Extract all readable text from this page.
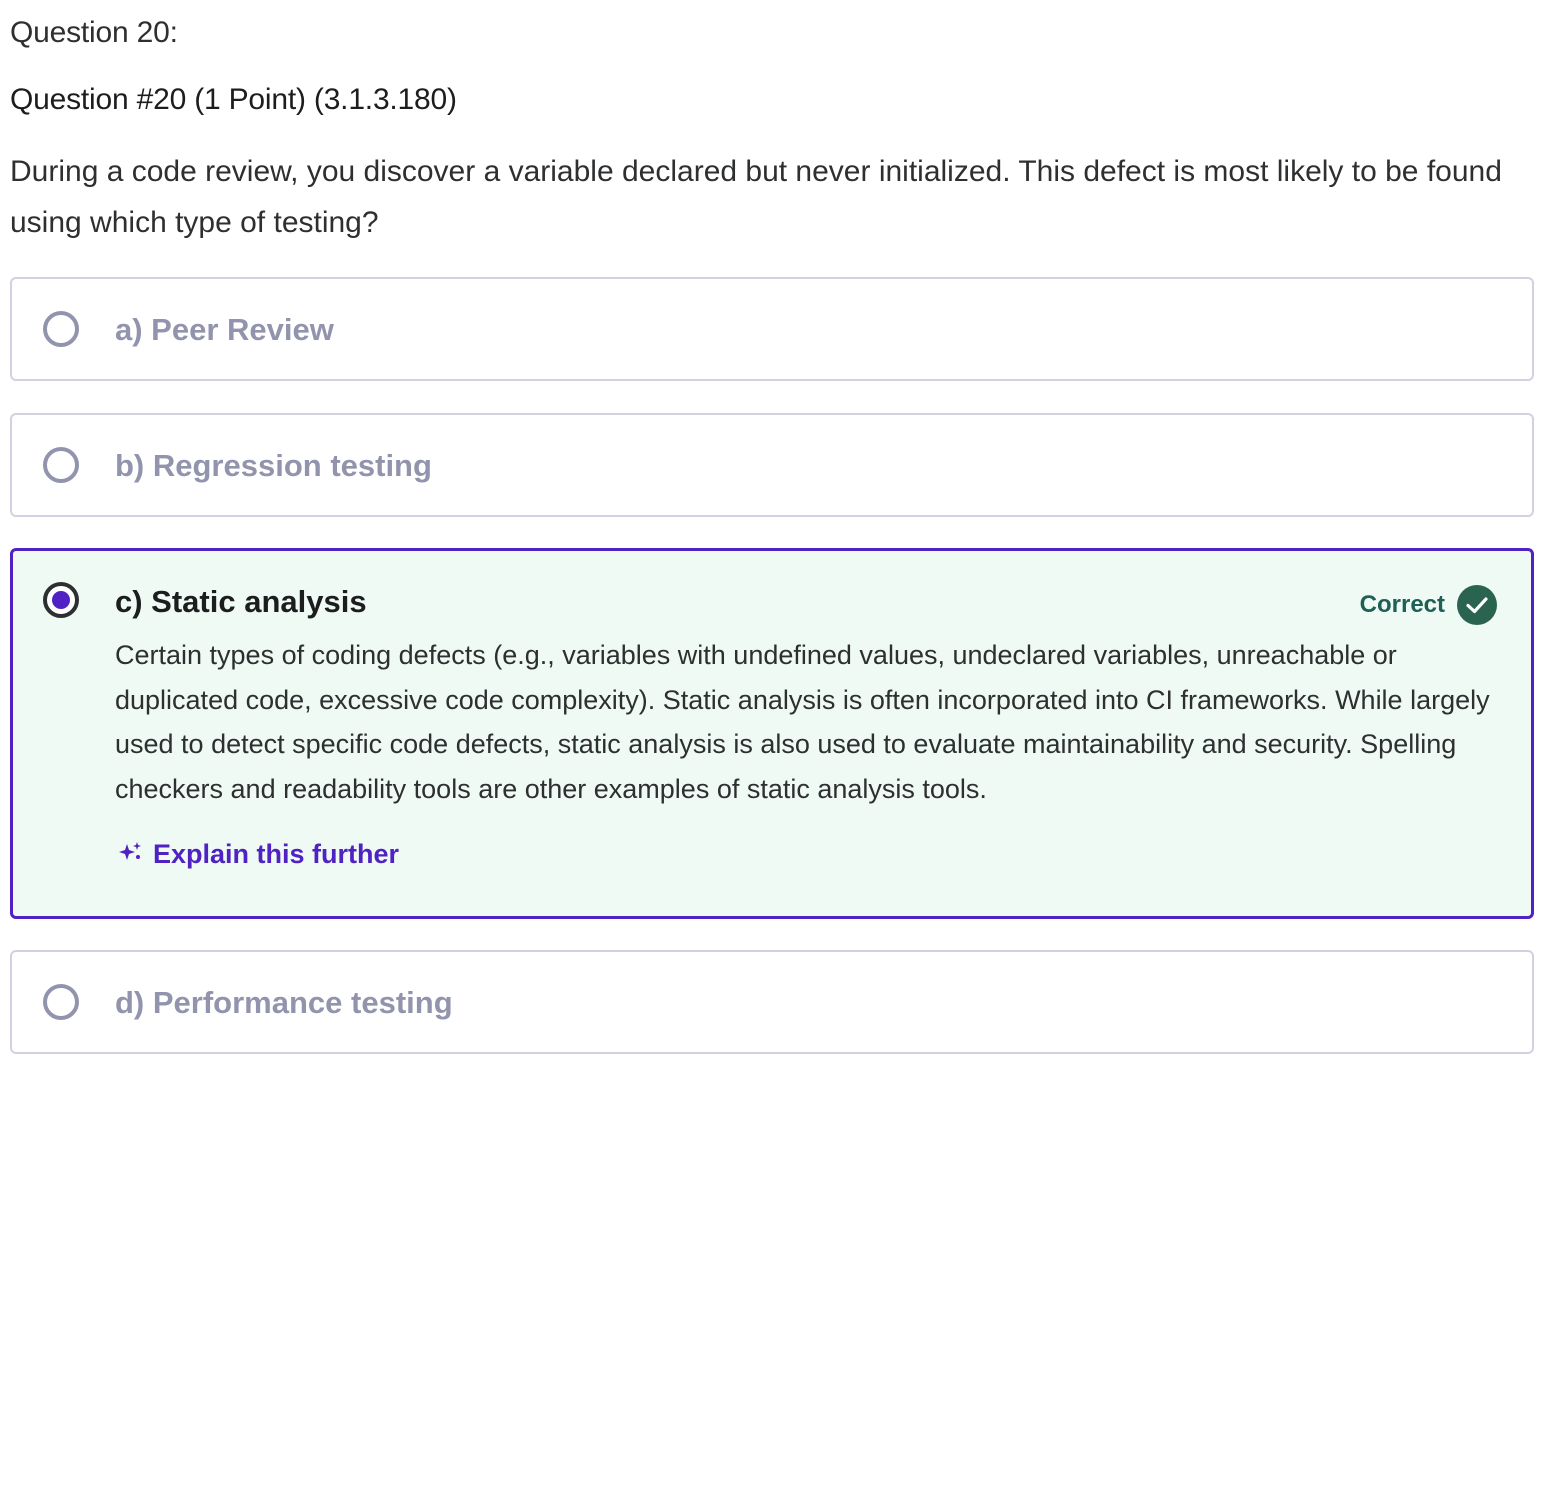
Question 20:
Question #20 (1 Point) (3.1.3.180)
During a code review, you discover a variable declared but never initialized. This defect is most likely to be found using which type of testing?
a) Peer Review
b) Regression testing
c) Static analysis	Correct
Certain types of coding defects (e.g., variables with undefined values, undeclared variables, unreachable or duplicated code, excessive code complexity). Static analysis is often incorporated into CI frameworks. While largely used to detect specific code defects, static analysis is also used to evaluate maintainability and security. Spelling checkers and readability tools are other examples of static analysis tools.
Explain this further
d) Performance testing
